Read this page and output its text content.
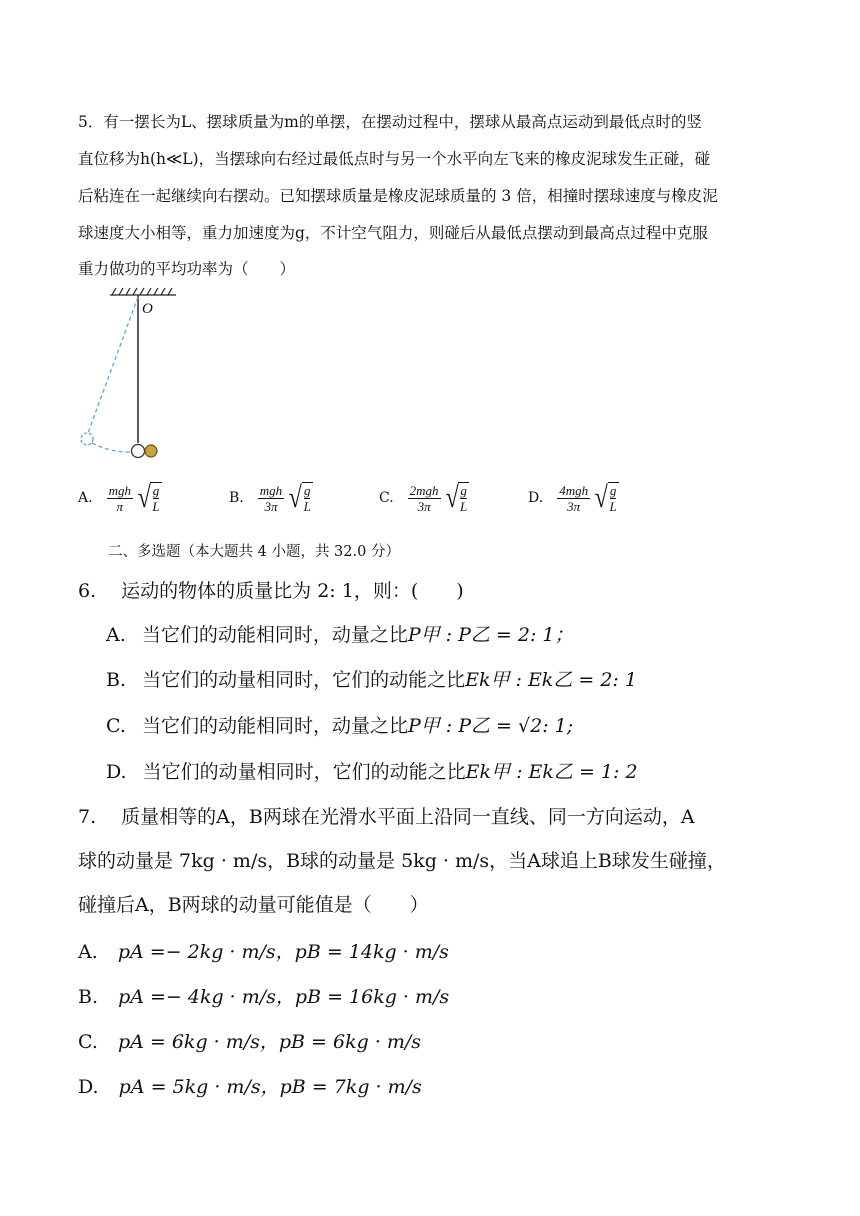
5．有一摆长为L、摆球质量为m的单摆，在摆动过程中，摆球从最高点运动到最低点时的竖
直位移为h(h≪L)，当摆球向右经过最低点时与另一个水平向左飞来的橡皮泥球发生正碰，碰
后粘连在一起继续向右摆动。已知摆球质量是橡皮泥球质量的 3 倍，相撞时摆球速度与橡皮泥
球速度大小相等，重力加速度为g，不计空气阻力，则碰后从最低点摆动到最高点过程中克服
重力做功的平均功率为（　　）
O
A. $\frac{\text{mgh}}{\pi}$ √ $\frac{g}{L}$	B. $\frac{\text{mgh}}{3\pi}$ √ $\frac{g}{L}$	C. $\frac{\text{2mgh}}{3\pi}$ √ $\frac{g}{L}$	D. $\frac{\text{4mgh}}{3\pi}$ √ $\frac{g}{L}$
二、多选题（本大题共 4 小题，共 32.0 分）
6.　 运动的物体的质量比为 2: 1，则：(　　)
A. 当它们的动能相同时，动量之比P甲 : P乙 = 2: 1；
B. 当它们的动量相同时，它们的动能之比Ek甲 : Ek乙 = 2: 1
C. 当它们的动能相同时，动量之比P甲 : P乙 = √2: 1;
D. 当它们的动量相同时，它们的动能之比Ek甲 : Ek乙 = 1: 2
7.　 质量相等的A，B两球在光滑水平面上沿同一直线、同一方向运动，A
球的动量是 7kg · m/s，B球的动量是 5kg · m/s，当A球追上B球发生碰撞，
碰撞后A，B两球的动量可能值是（　　）
A. pA =− 2kg · m/s，pB = 14kg · m/s
B. pA =− 4kg · m/s，pB = 16kg · m/s
C. pA = 6kg · m/s，pB = 6kg · m/s
D. pA = 5kg · m/s，pB = 7kg · m/s
